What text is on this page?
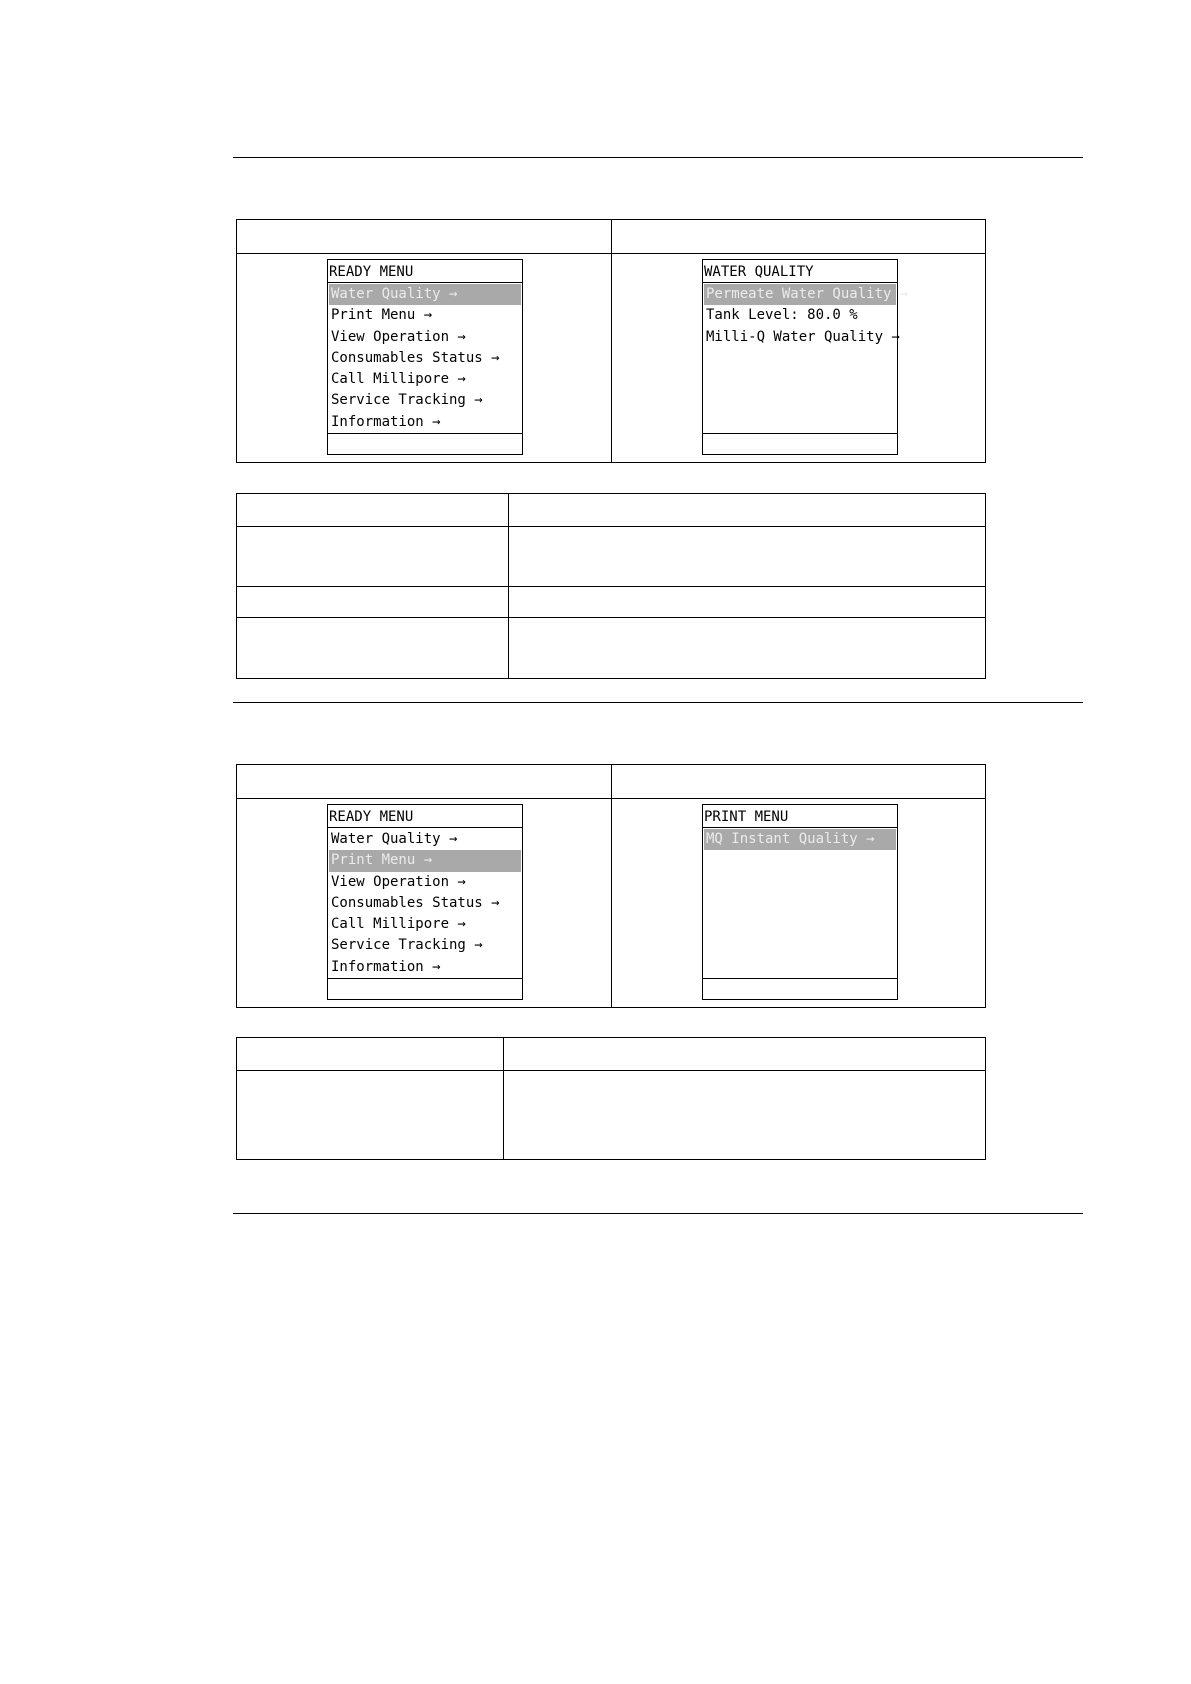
READY MENU
Water Quality →
Print Menu →
View Operation →
Consumables Status →
Call Millipore →
Service Tracking →
Information →
WATER QUALITY
Permeate Water Quality →
Tank Level: 80.0 %
Milli-Q Water Quality →
READY MENU
Water Quality →
Print Menu →
View Operation →
Consumables Status →
Call Millipore →
Service Tracking →
Information →
PRINT MENU
MQ Instant Quality →
